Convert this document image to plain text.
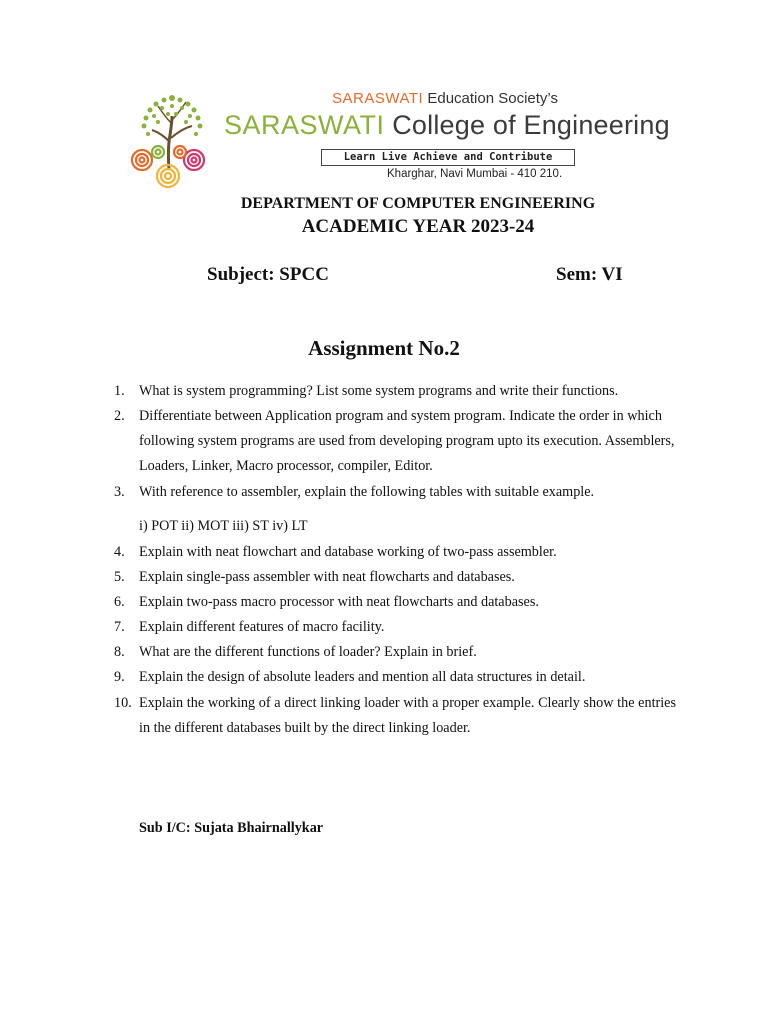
SARASWATI Education Society’s
SARASWATI College of Engineering
Learn Live Achieve and Contribute
Kharghar, Navi Mumbai - 410 210.
DEPARTMENT OF COMPUTER ENGINEERING
ACADEMIC YEAR 2023-24
Subject: SPCC	Sem: VI
Assignment No.2
1. What is system programming? List some system programs and write their functions.
2. Differentiate between Application program and system program. Indicate the order in which following system programs are used from developing program upto its execution. Assemblers, Loaders, Linker, Macro processor, compiler, Editor.
3. With reference to assembler, explain the following tables with suitable example.
i) POT ii) MOT iii) ST iv) LT
4. Explain with neat flowchart and database working of two-pass assembler.
5. Explain single-pass assembler with neat flowcharts and databases.
6. Explain two-pass macro processor with neat flowcharts and databases.
7. Explain different features of macro facility.
8. What are the different functions of loader? Explain in brief.
9. Explain the design of absolute leaders and mention all data structures in detail.
10. Explain the working of a direct linking loader with a proper example. Clearly show the entries in the different databases built by the direct linking loader.
Sub I/C: Sujata Bhairnallykar
